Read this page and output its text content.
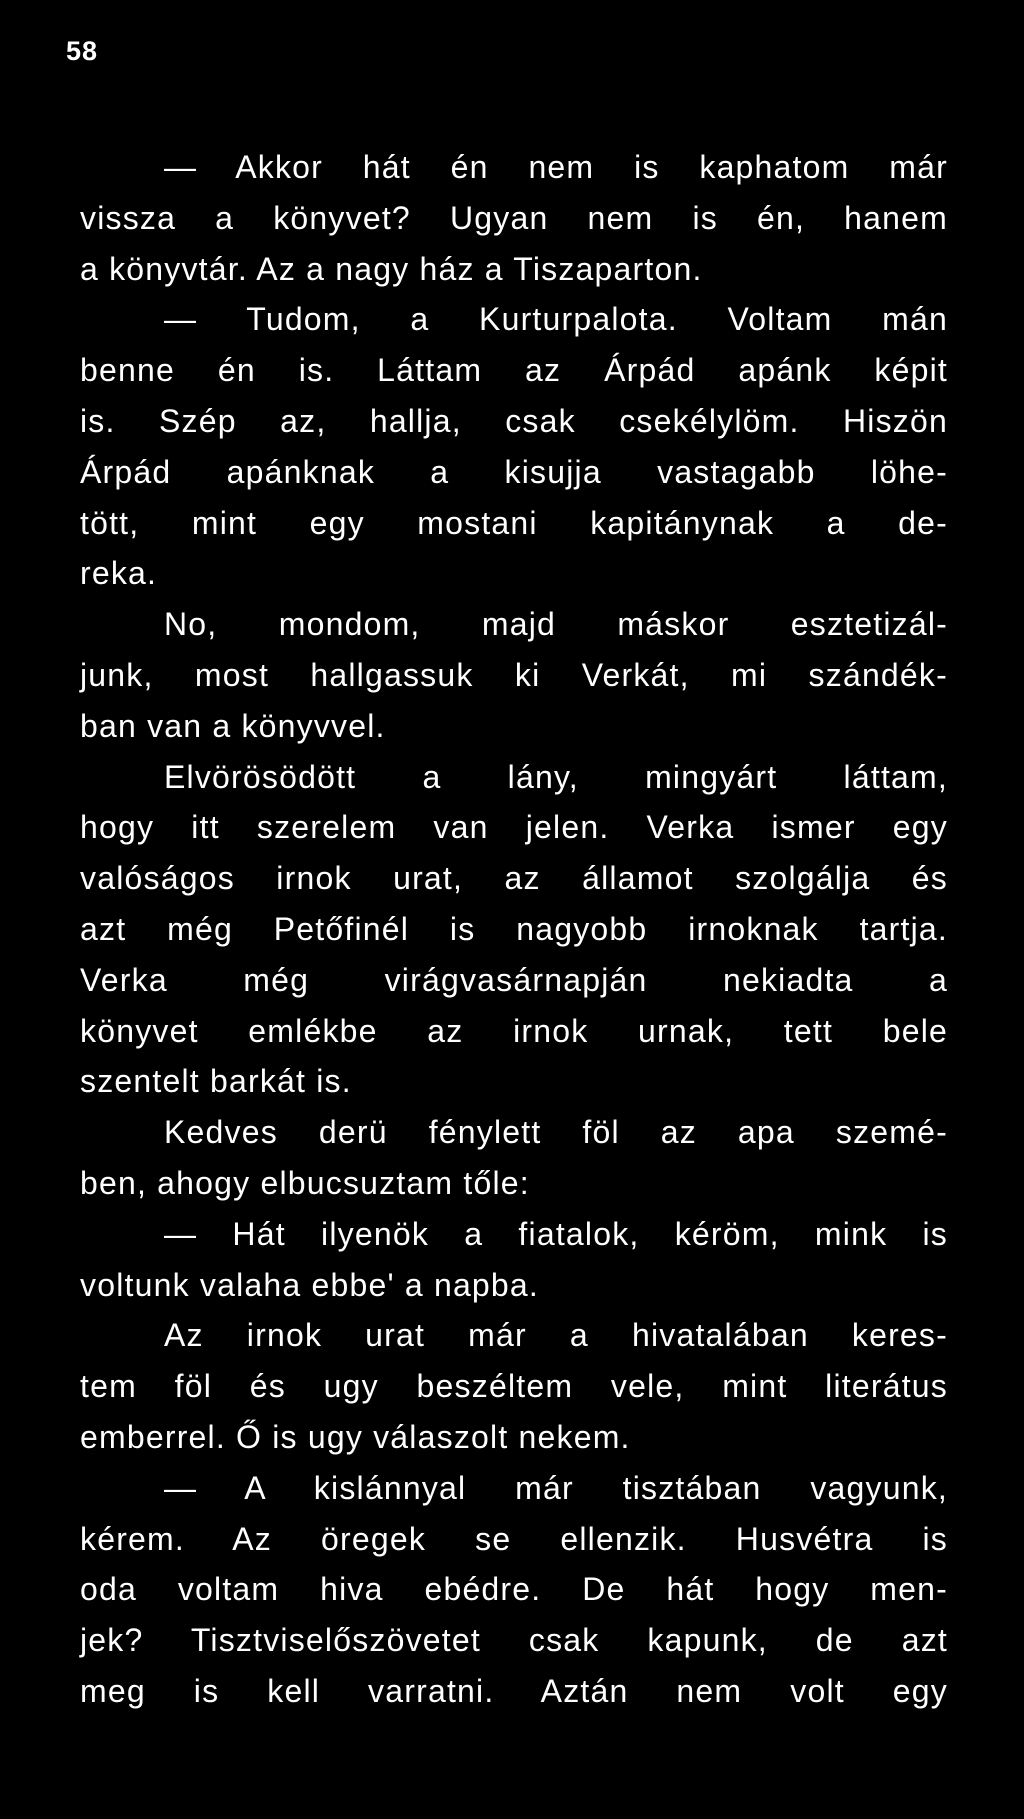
58
— Akkor hát én nem is kaphatom már
vissza a könyvet? Ugyan nem is én, hanem
a könyvtár. Az a nagy ház a Tiszaparton.
— Tudom, a Kurturpalota. Voltam mán
benne én is. Láttam az Árpád apánk képit
is. Szép az, hallja, csak csekélylöm. Hiszön
Árpád apánknak a kisujja vastagabb löhe-
tött, mint egy mostani kapitánynak a de-
reka.
No, mondom, majd máskor esztetizál-
junk, most hallgassuk ki Verkát, mi szándék-
ban van a könyvvel.
Elvörösödött a lány, mingyárt láttam,
hogy itt szerelem van jelen. Verka ismer egy
valóságos irnok urat, az államot szolgálja és
azt még Petőfinél is nagyobb irnoknak tartja.
Verka még virágvasárnapján nekiadta a
könyvet emlékbe az irnok urnak, tett bele
szentelt barkát is.
Kedves derü fénylett föl az apa szemé-
ben, ahogy elbucsuztam tőle:
— Hát ilyenök a fiatalok, kéröm, mink is
voltunk valaha ebbe' a napba.
Az irnok urat már a hivatalában keres-
tem föl és ugy beszéltem vele, mint literátus
emberrel. Ő is ugy válaszolt nekem.
— A kislánnyal már tisztában vagyunk,
kérem. Az öregek se ellenzik. Husvétra is
oda voltam hiva ebédre. De hát hogy men-
jek? Tisztviselőszövetet csak kapunk, de azt
meg is kell varratni. Aztán nem volt egy
